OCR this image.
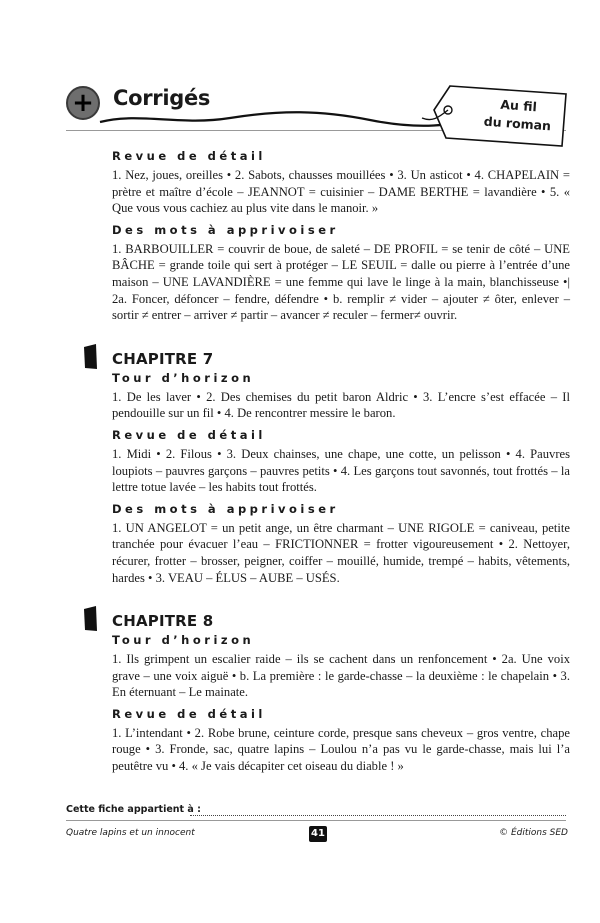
+ Corrigés	Au fil
du roman
Revue de détail

1. Nez, joues, oreilles • 2. Sabots, chausses mouillées • 3. Un asticot • 4. CHAPELAIN = prètre et maître d’école – JEANNOT = cuisinier – DAME BERTHE = lavandière • 5. « Que vous vous cachiez au plus vite dans le manoir. »

Des mots à apprivoiser

1. BARBOUILLER = couvrir de boue, de saleté – DE PROFIL = se tenir de côté – UNE BÂCHE = grande toile qui sert à protéger – LE SEUIL = dalle ou pierre à l’entrée d’une maison – UNE LAVANDIÈRE = une femme qui lave le linge à la main, blanchisseuse •| 2a. Foncer, défoncer – fendre, défendre • b. remplir ≠ vider – ajouter ≠ ôter, enlever – sortir ≠ entrer – arriver ≠ partir – avancer ≠ reculer – fermer≠ ouvrir.

CHAPITRE 7
Tour d’horizon

1. De les laver • 2. Des chemises du petit baron Aldric • 3. L’encre s’est effacée – Il pendouille sur un fil • 4. De rencontrer messire le baron.

Revue de détail

1. Midi • 2. Filous • 3. Deux chainses, une chape, une cotte, un pelisson • 4. Pauvres loupiots – pauvres garçons – pauvres petits • 4. Les garçons tout savonnés, tout frottés – la lettre totue lavée – les habits tout frottés.

Des mots à apprivoiser

1. UN ANGELOT = un petit ange, un être charmant – UNE RIGOLE = caniveau, petite tranchée pour évacuer l’eau – FRICTIONNER = frotter vigoureusement • 2. Nettoyer, récurer, frotter – brosser, peigner, coiffer – mouillé, humide, trempé – habits, vêtements, hardes • 3. VEAU – ÉLUS – AUBE – USÉS.

CHAPITRE 8
Tour d’horizon

1. Ils grimpent un escalier raide – ils se cachent dans un renfoncement • 2a. Une voix grave – une voix aiguë • b. La première : le garde-chasse – la deuxième : le chapelain • 3. En éternuant – Le mainate.

Revue de détail

1. L’intendant • 2. Robe brune, ceinture corde, presque sans cheveux – gros ventre, chape rouge • 3. Fronde, sac, quatre lapins – Loulou n’a pas vu le garde-chasse, mais lui l’a peutêtre vu • 4. « Je vais décapiter cet oiseau du diable ! »

Cette fiche appartient à :
Quatre lapins et un innocent	41	© Éditions SED
